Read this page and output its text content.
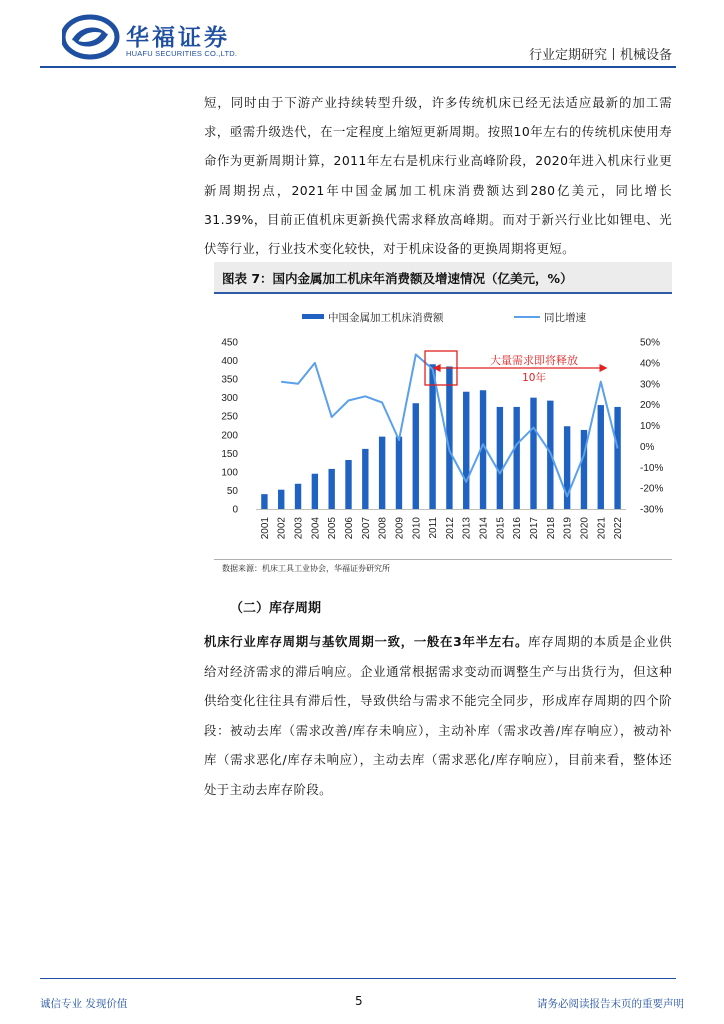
华福证券
HUAFU SECURITIES CO.,LTD.	行业定期研究丨机械设备
短，同时由于下游产业持续转型升级，许多传统机床已经无法适应最新的加工需求，亟需升级迭代，在一定程度上缩短更新周期。按照10年左右的传统机床使用寿命作为更新周期计算，2011年左右是机床行业高峰阶段，2020年进入机床行业更新周期拐点，2021年中国金属加工机床消费额达到280亿美元，同比增长31.39%，目前正值机床更新换代需求释放高峰期。而对于新兴行业比如锂电、光伏等行业，行业技术变化较快，对于机床设备的更换周期将更短。
图表 7：国内金属加工机床年消费额及增速情况（亿美元，%）
中国金属加工机床消费额	同比增速
0
50
100
150
200
250
300
350
400
450
-30%
-20%
-10%
0%
10%
20%
30%
40%
50%
2001 2002 2003 2004 2005 2006 2007 2008 2009 2010 2011 2012 2013 2014 2015 2016 2017 2018 2019 2020 2021 2022
大量需求即将释放
10年
数据来源：机床工具工业协会，华福证券研究所
（二）库存周期
机床行业库存周期与基钦周期一致，一般在3年半左右。库存周期的本质是企业供给对经济需求的滞后响应。企业通常根据需求变动而调整生产与出货行为，但这种供给变化往往具有滞后性，导致供给与需求不能完全同步，形成库存周期的四个阶段：被动去库（需求改善/库存未响应），主动补库（需求改善/库存响应），被动补库（需求恶化/库存未响应），主动去库（需求恶化/库存响应），目前来看，整体还处于主动去库存阶段。
诚信专业 发现价值	5	请务必阅读报告末页的重要声明
